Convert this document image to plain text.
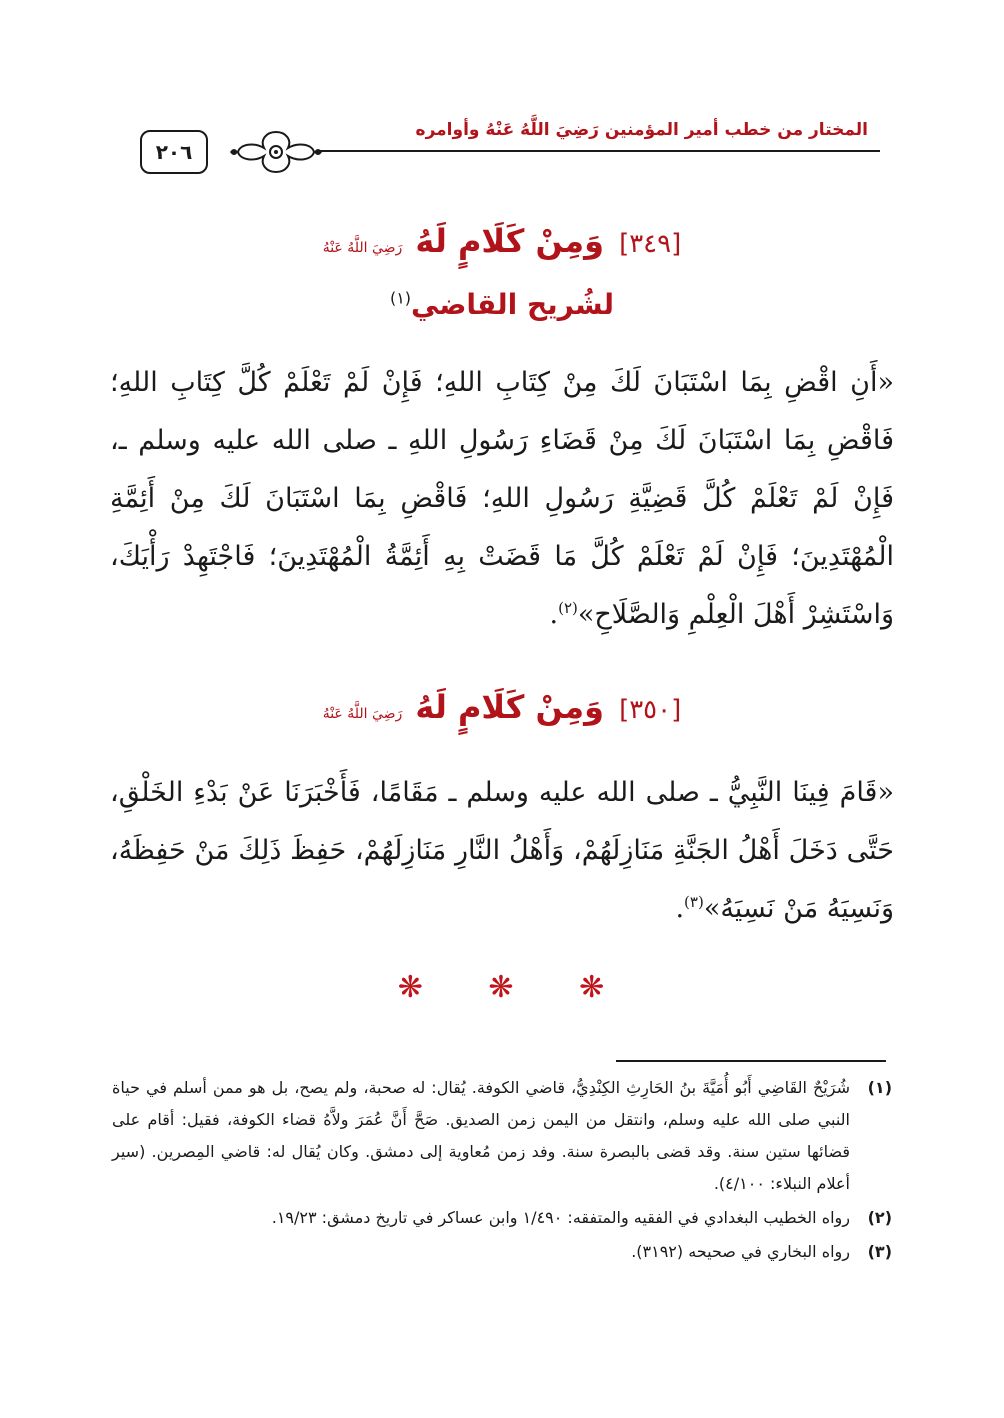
٢٠٦
المختار من خطب أمير المؤمنين رَضِيَ اللَّهُ عَنْهُ وأوامره
[٣٤٩] وَمِنْ كَلَامٍ لَهُ رَضِيَ اللَّهُ عَنْهُ
لشُريح القاضي$^{(١)}$
«أَنِ اقْضِ بِمَا اسْتَبَانَ لَكَ مِنْ كِتَابِ اللهِ؛ فَإِنْ لَمْ تَعْلَمْ كُلَّ كِتَابِ اللهِ؛ فَاقْضِ بِمَا اسْتَبَانَ لَكَ مِنْ قَضَاءِ رَسُولِ اللهِ ـ صلى الله عليه وسلم ـ، فَإِنْ لَمْ تَعْلَمْ كُلَّ قَضِيَّةِ رَسُولِ اللهِ؛ فَاقْضِ بِمَا اسْتَبَانَ لَكَ مِنْ أَئِمَّةِ الْمُهْتَدِينَ؛ فَإِنْ لَمْ تَعْلَمْ كُلَّ مَا قَضَتْ بِهِ أَئِمَّةُ الْمُهْتَدِينَ؛ فَاجْتَهِدْ رَأْيَكَ، وَاسْتَشِرْ أَهْلَ الْعِلْمِ وَالصَّلَاحِ»$^{(٢)}$.
[٣٥٠] وَمِنْ كَلَامٍ لَهُ رَضِيَ اللَّهُ عَنْهُ
«قَامَ فِينَا النَّبِيُّ ـ صلى الله عليه وسلم ـ مَقَامًا، فَأَخْبَرَنَا عَنْ بَدْءِ الخَلْقِ، حَتَّى دَخَلَ أَهْلُ الجَنَّةِ مَنَازِلَهُمْ، وَأَهْلُ النَّارِ مَنَازِلَهُمْ، حَفِظَ ذَلِكَ مَنْ حَفِظَهُ، وَنَسِيَهُ مَنْ نَسِيَهُ»$^{(٣)}$.
❋ ❋ ❋
(١)
شُرَيْحٌ القَاضِي أَبُو أُمَيَّةَ بنُ الحَارِثِ الكِنْدِيُّ، قاضي الكوفة. يُقال: له صحبة، ولم يصح، بل هو ممن أسلم في حياة النبي صلى الله عليه وسلم، وانتقل من اليمن زمن الصديق. صَحَّ أَنَّ عُمَرَ ولاَّهُ قضاء الكوفة، فقيل: أقام على قضائها ستين سنة. وقد قضى بالبصرة سنة. وفد زمن مُعاوية إلى دمشق. وكان يُقال له: قاضي المِصرين. (سير أعلام النبلاء: ٤/١٠٠).
(٢)
رواه الخطيب البغدادي في الفقيه والمتفقه: ١/٤٩٠ وابن عساكر في تاريخ دمشق: ١٩/٢٣.
(٣)
رواه البخاري في صحيحه (٣١٩٢).
